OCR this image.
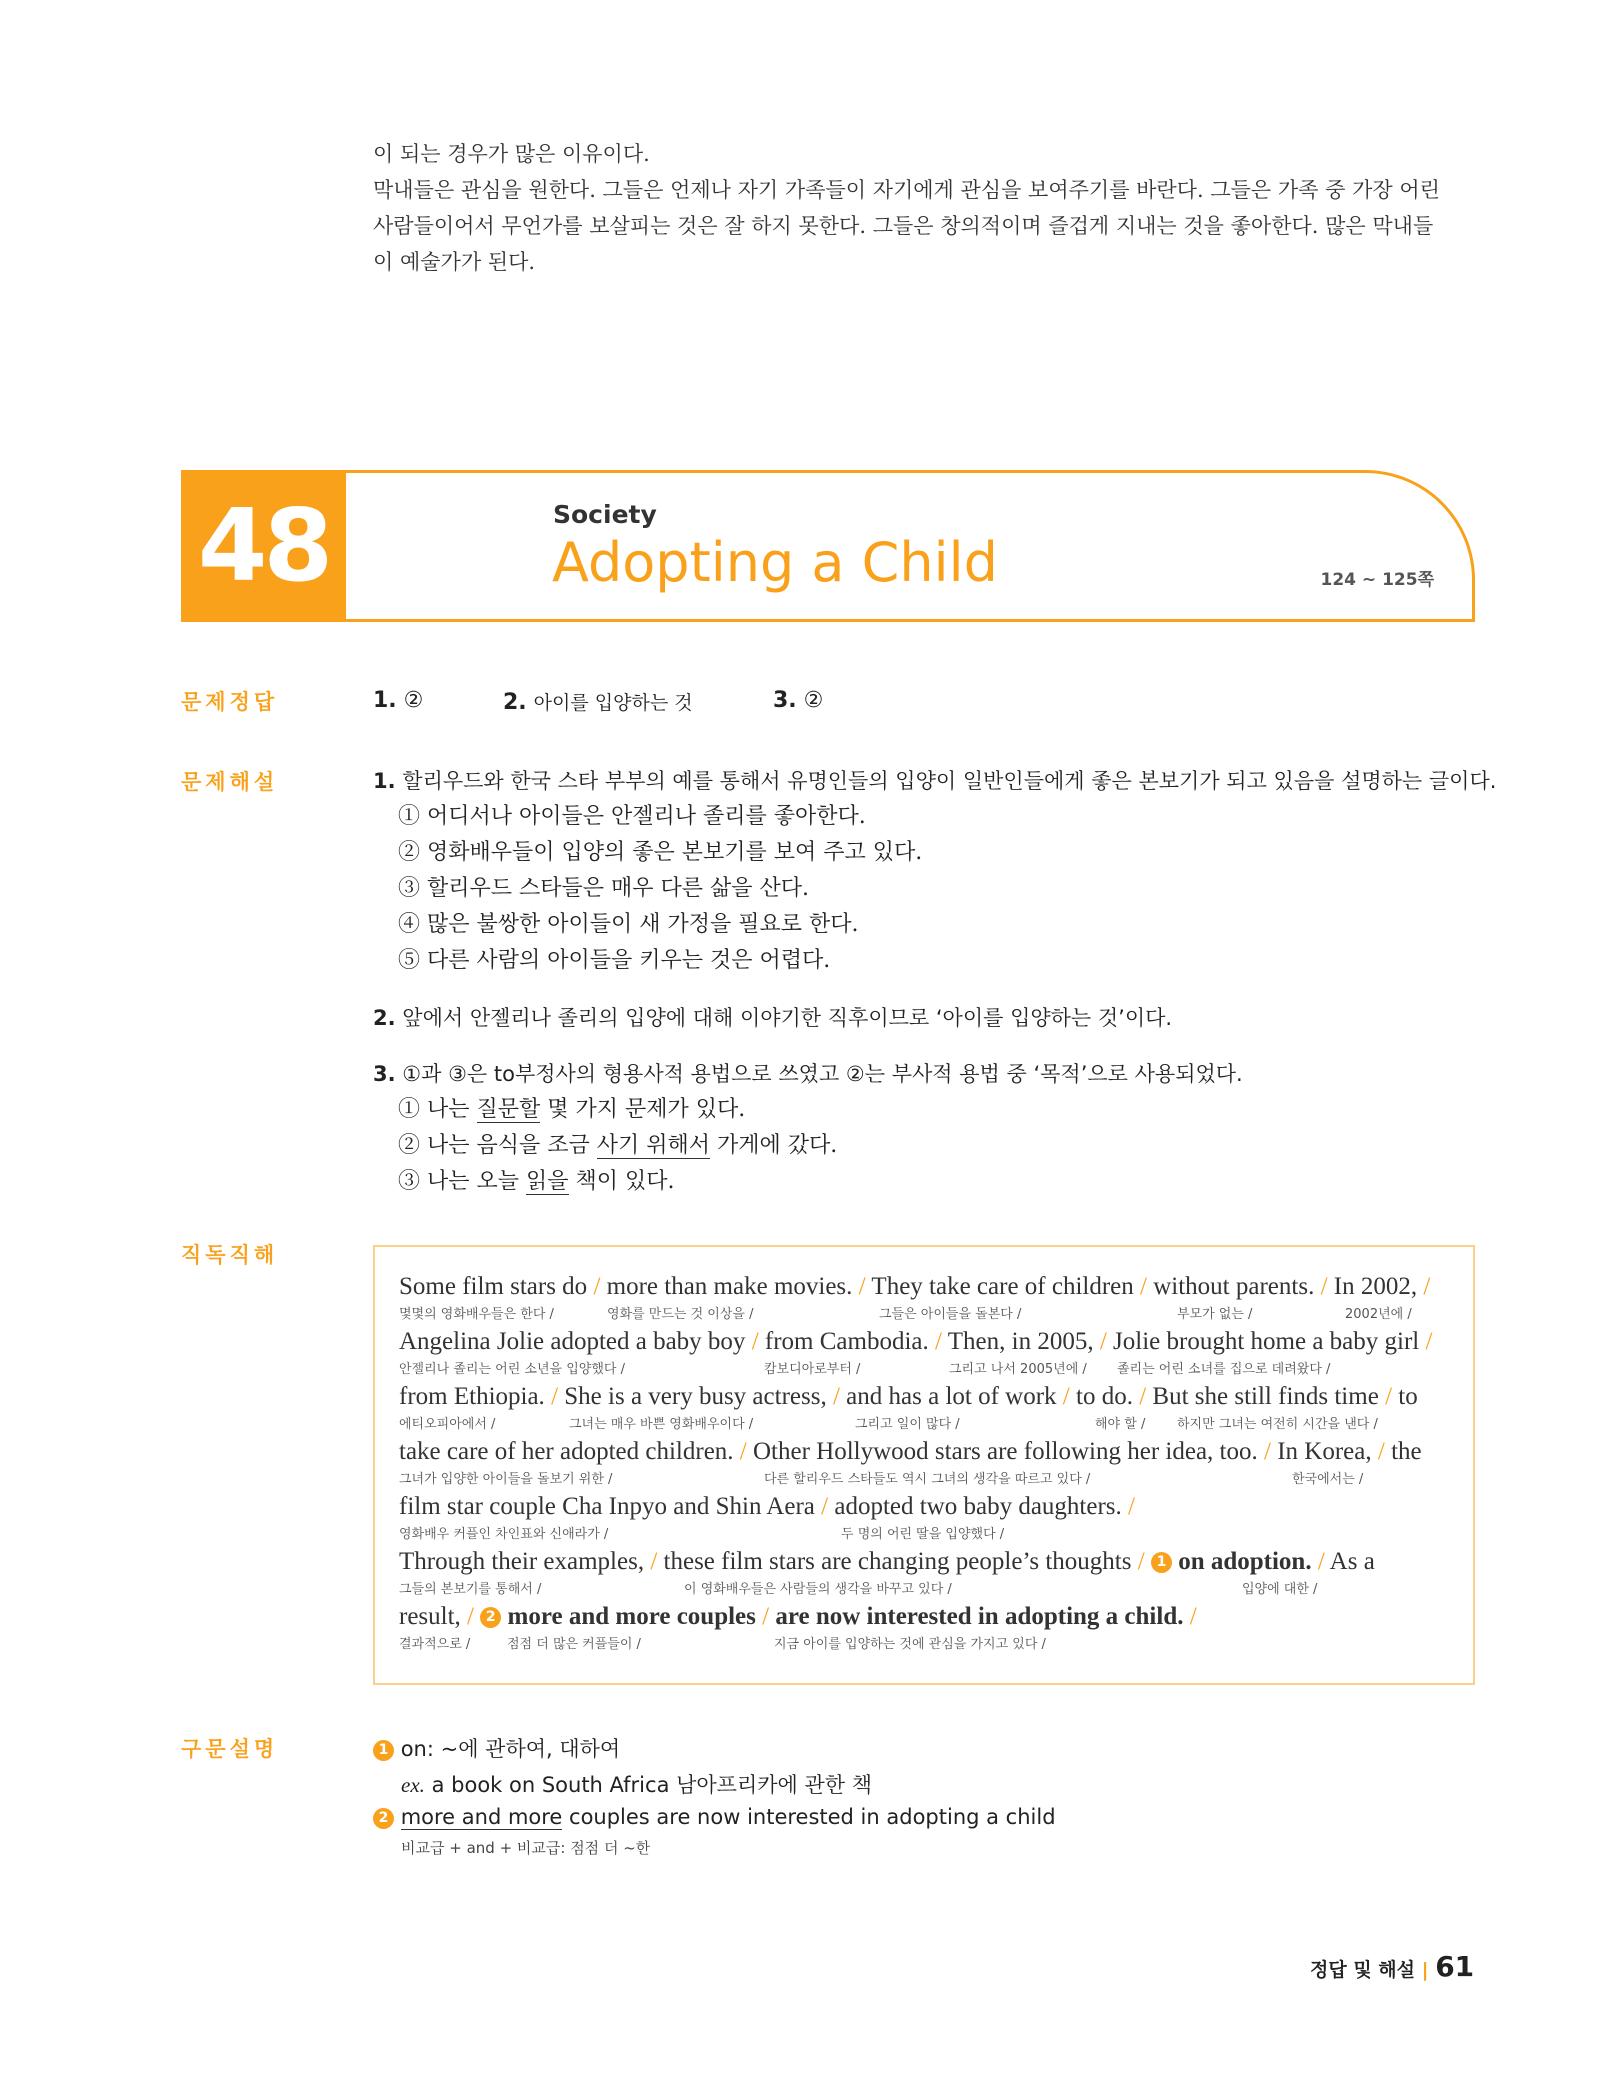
이 되는 경우가 많은 이유이다.

막내들은 관심을 원한다. 그들은 언제나 자기 가족들이 자기에게 관심을 보여주기를 바란다. 그들은 가족 중 가장 어린

사람들이어서 무언가를 보살피는 것은 잘 하지 못한다. 그들은 창의적이며 즐겁게 지내는 것을 좋아한다. 많은 막내들

이 예술가가 된다.

48	Society
Adopting a Child	124 ~ 125쪽
문제정답
문제해설
직독직해
구문설명
1. ②	2. 아이를 입양하는 것	3. ②
1. 할리우드와 한국 스타 부부의 예를 통해서 유명인들의 입양이 일반인들에게 좋은 본보기가 되고 있음을 설명하는 글이다.
① 어디서나 아이들은 안젤리나 졸리를 좋아한다.
② 영화배우들이 입양의 좋은 본보기를 보여 주고 있다.
③ 할리우드 스타들은 매우 다른 삶을 산다.
④ 많은 불쌍한 아이들이 새 가정을 필요로 한다.
⑤ 다른 사람의 아이들을 키우는 것은 어렵다.
2. 앞에서 안젤리나 졸리의 입양에 대해 이야기한 직후이므로 ‘아이를 입양하는 것’이다.
3. ①과 ③은 to부정사의 형용사적 용법으로 쓰였고 ②는 부사적 용법 중 ‘목적’으로 사용되었다.
① 나는 질문할 몇 가지 문제가 있다.
② 나는 음식을 조금 사기 위해서 가게에 갔다.
③ 나는 오늘 읽을 책이 있다.
Some film stars do / more than make movies. / They take care of children / without parents. / In 2002, /
몇몇의 영화배우들은 한다 /	영화를 만드는 것 이상을 /	그들은 아이들을 돌본다 /	부모가 없는 /	2002년에 /
Angelina Jolie adopted a baby boy / from Cambodia. / Then, in 2005, / Jolie brought home a baby girl /
안젤리나 졸리는 어린 소년을 입양했다 /	캄보디아로부터 /	그리고 나서 2005년에 / 졸리는 어린 소녀를 집으로 데려왔다 /
from Ethiopia. / She is a very busy actress, / and has a lot of work / to do. / But she still finds time / to
에티오피아에서 /	그녀는 매우 바쁜 영화배우이다 /	그리고 일이 많다 /	해야 할 / 하지만 그녀는 여전히 시간을 낸다 /
take care of her adopted children. / Other Hollywood stars are following her idea, too. / In Korea, / the
그녀가 입양한 아이들을 돌보기 위한 /	다른 할리우드 스타들도 역시 그녀의 생각을 따르고 있다 /	한국에서는 /
film star couple Cha Inpyo and Shin Aera / adopted two baby daughters. /
영화배우 커플인 차인표와 신애라가 /	두 명의 어린 딸을 입양했다 /
Through their examples, / these film stars are changing people’s thoughts / 1 on adoption. / As a
그들의 본보기를 통해서 /	이 영화배우들은 사람들의 생각을 바꾸고 있다 /	입양에 대한 /
result, / 2 more and more couples / are now interested in adopting a child. /
결과적으로 /	점점 더 많은 커플들이 /	지금 아이를 입양하는 것에 관심을 가지고 있다 /
1 on: ~에 관하여, 대하여
ex. a book on South Africa 남아프리카에 관한 책
2 more and more couples are now interested in adopting a child
비교급 + and + 비교급: 점점 더 ~한
정답 및 해설 | 61
